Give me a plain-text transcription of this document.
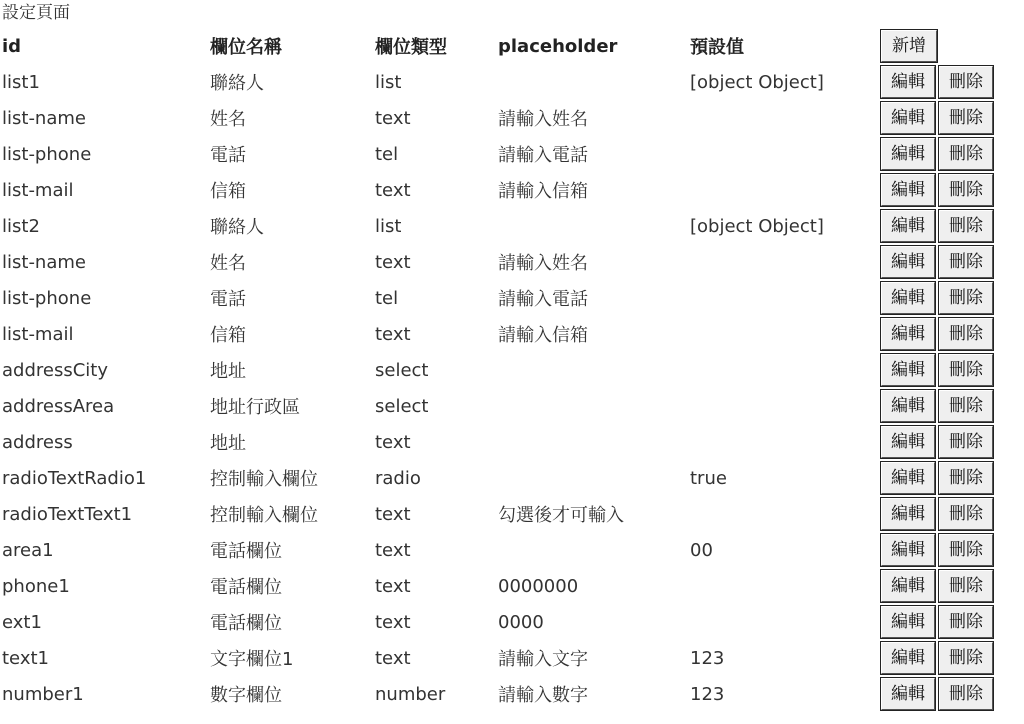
設定頁面
id	欄位名稱	欄位類型	placeholder	預設值	新增
list1	聯絡人	list		[object Object]	編輯 刪除
list-name	姓名	text	請輸入姓名		編輯 刪除
list-phone	電話	tel	請輸入電話		編輯 刪除
list-mail	信箱	text	請輸入信箱		編輯 刪除
list2	聯絡人	list		[object Object]	編輯 刪除
list-name	姓名	text	請輸入姓名		編輯 刪除
list-phone	電話	tel	請輸入電話		編輯 刪除
list-mail	信箱	text	請輸入信箱		編輯 刪除
addressCity	地址	select			編輯 刪除
addressArea	地址行政區	select			編輯 刪除
address	地址	text			編輯 刪除
radioTextRadio1	控制輸入欄位	radio		true	編輯 刪除
radioTextText1	控制輸入欄位	text	勾選後才可輸入		編輯 刪除
area1	電話欄位	text		00	編輯 刪除
phone1	電話欄位	text	0000000		編輯 刪除
ext1	電話欄位	text	0000		編輯 刪除
text1	文字欄位1	text	請輸入文字	123	編輯 刪除
number1	數字欄位	number	請輸入數字	123	編輯 刪除
